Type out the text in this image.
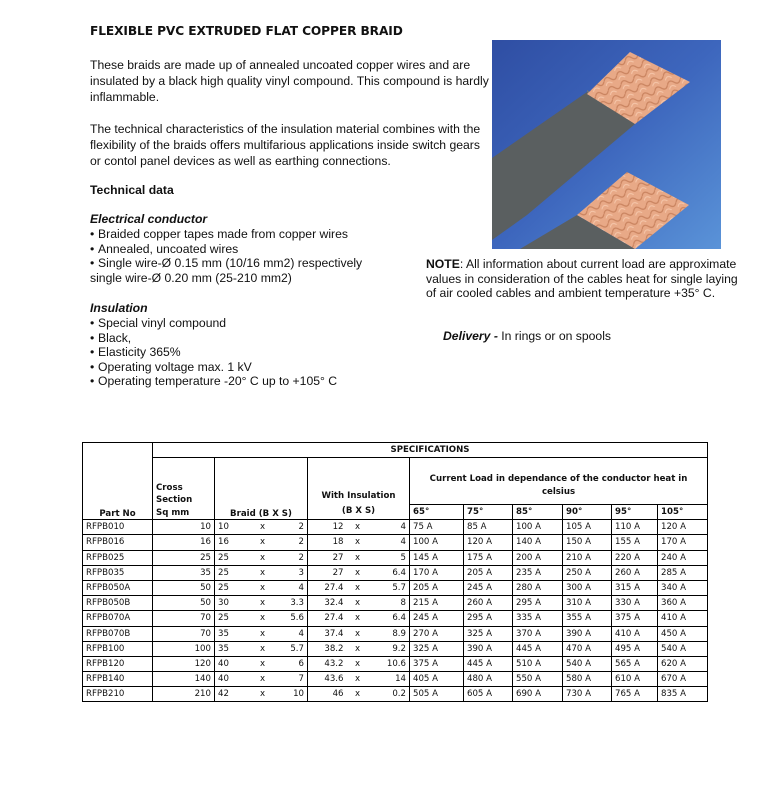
FLEXIBLE PVC EXTRUDED FLAT COPPER BRAID

These braids are made up of annealed uncoated copper wires and are insulated by a black high quality vinyl compound. This compound is hardly inflammable.

The technical characteristics of the insulation material combines with the flexibility of the braids offers multifarious applications inside switch gears or contol panel devices as well as earthing connections.

Technical data
Electrical conductor
• Braided copper tapes made from copper wires
• Annealed, uncoated wires
• Single wire-Ø 0.15 mm (10/16 mm2) respectively
single wire-Ø 0.20 mm (25-210 mm2)
Insulation
• Special vinyl compound
• Black,
• Elasticity 365%
• Operating voltage max. 1 kV
• Operating temperature -20° C up to +105° C

NOTE: All information about current load are approximate values in consideration of the cables heat for single laying of air cooled cables and ambient temperature +35° C.

Delivery - In rings or on spools
Part No	SPECIFICATIONS												
	Cross
Section
Sq mm	Braid (B X S)			With Insulation
(B X S)			Current Load in dependance of the conductor heat in celsius					
								65°	75°	85°	90°	95°	105°
RFPB010	10	10	x	2	12	x	4	75 A	85 A	100 A	105 A	110 A	120 A
RFPB016	16	16	x	2	18	x	4	100 A	120 A	140 A	150 A	155 A	170 A
RFPB025	25	25	x	2	27	x	5	145 A	175 A	200 A	210 A	220 A	240 A
RFPB035	35	25	x	3	27	x	6.4	170 A	205 A	235 A	250 A	260 A	285 A
RFPB050A	50	25	x	4	27.4	x	5.7	205 A	245 A	280 A	300 A	315 A	340 A
RFPB050B	50	30	x	3.3	32.4	x	8	215 A	260 A	295 A	310 A	330 A	360 A
RFPB070A	70	25	x	5.6	27.4	x	6.4	245 A	295 A	335 A	355 A	375 A	410 A
RFPB070B	70	35	x	4	37.4	x	8.9	270 A	325 A	370 A	390 A	410 A	450 A
RFPB100	100	35	x	5.7	38.2	x	9.2	325 A	390 A	445 A	470 A	495 A	540 A
RFPB120	120	40	x	6	43.2	x	10.6	375 A	445 A	510 A	540 A	565 A	620 A
RFPB140	140	40	x	7	43.6	x	14	405 A	480 A	550 A	580 A	610 A	670 A
RFPB210	210	42	x	10	46	x	0.2	505 A	605 A	690 A	730 A	765 A	835 A
